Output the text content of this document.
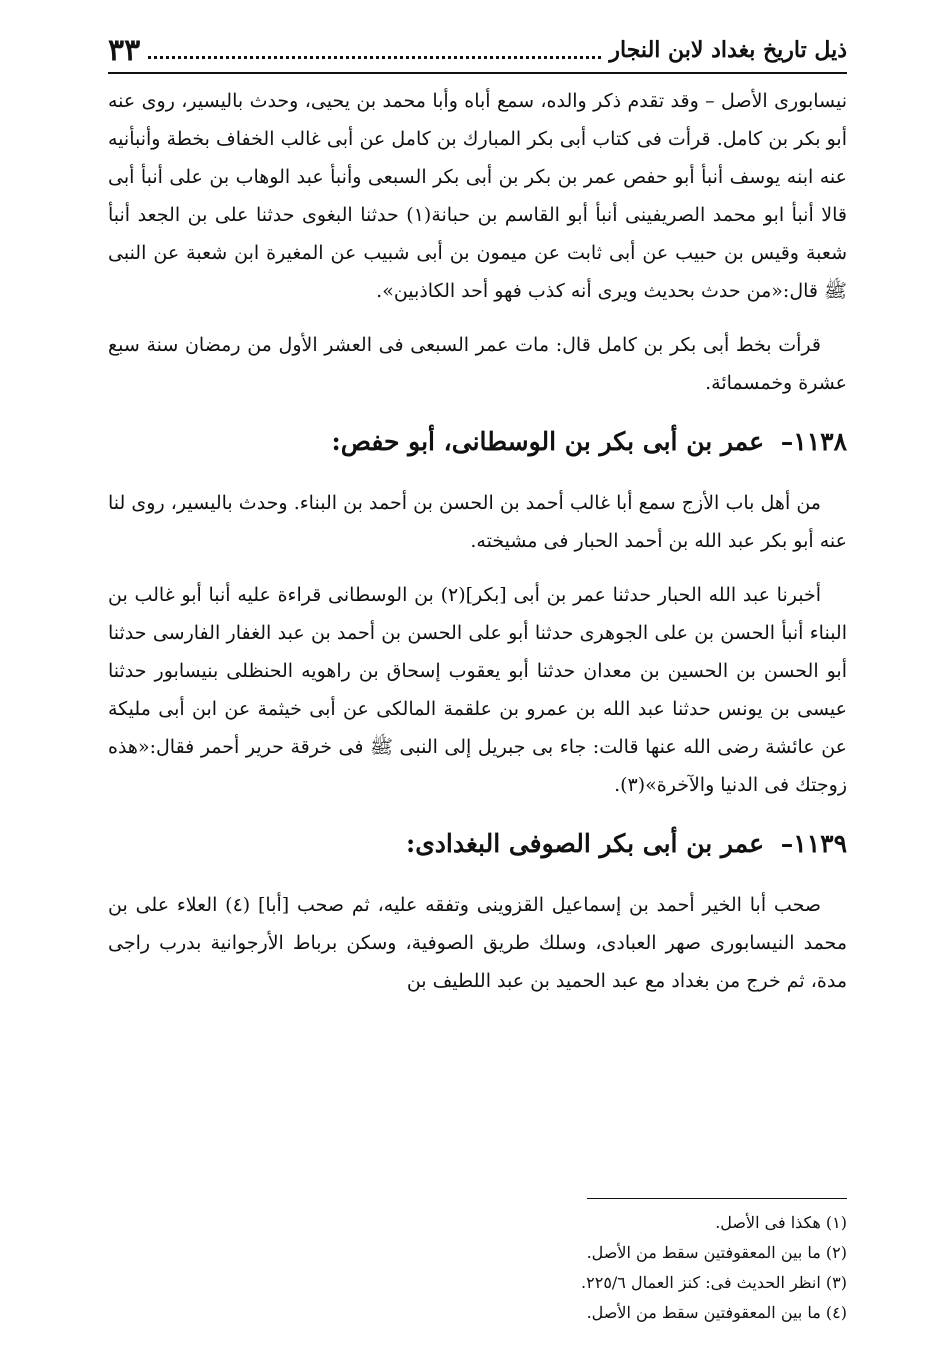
ذيل تاريخ بغداد لابن النجار
٣٣

نيسابورى الأصل – وقد تقدم ذكر والده، سمع أباه وأبا محمد بن يحيى، وحدث باليسير، روى عنه أبو بكر بن كامل. قرأت فى كتاب أبى بكر المبارك بن كامل عن أبى غالب الخفاف بخطة وأنبأنيه عنه ابنه يوسف أنبأ أبو حفص عمر بن بكر بن أبى بكر السبعى وأنبأ عبد الوهاب بن على أنبأ أبى قالا أنبأ ابو محمد الصريفينى أنبأ أبو القاسم بن حبانة(١) حدثنا البغوى حدثنا على بن الجعد أنبأ شعبة وقيس بن حبيب عن أبى ثابت عن ميمون بن أبى شبيب عن المغيرة ابن شعبة عن النبى ﷺ قال:«من حدث بحديث ويرى أنه كذب فهو أحد الكاذبين».

قرأت بخط أبى بكر بن كامل قال: مات عمر السبعى فى العشر الأول من رمضان سنة سبع عشرة وخمسمائة.

١١٣٨– عمر بن أبى بكر بن الوسطانى، أبو حفص:

من أهل باب الأزج سمع أبا غالب أحمد بن الحسن بن أحمد بن البناء. وحدث باليسير، روى لنا عنه أبو بكر عبد الله بن أحمد الحبار فى مشيخته.

أخبرنا عبد الله الحبار حدثنا عمر بن أبى [بكر](٢) بن الوسطانى قراءة عليه أنبا أبو غالب بن البناء أنبأ الحسن بن على الجوهرى حدثنا أبو على الحسن بن أحمد بن عبد الغفار الفارسى حدثنا أبو الحسن بن الحسين بن معدان حدثنا أبو يعقوب إسحاق بن راهويه الحنظلى بنيسابور حدثنا عيسى بن يونس حدثنا عبد الله بن عمرو بن علقمة المالكى عن أبى خيثمة عن ابن أبى مليكة عن عائشة رضى الله عنها قالت: جاء بى جبريل إلى النبى ﷺ فى خرقة حرير أحمر فقال:«هذه زوجتك فى الدنيا والآخرة»(٣).

١١٣٩– عمر بن أبى بكر الصوفى البغدادى:

صحب أبا الخير أحمد بن إسماعيل القزوينى وتفقه عليه، ثم صحب [أبا] (٤) العلاء على بن محمد النيسابورى صهر العبادى، وسلك طريق الصوفية، وسكن برباط الأرجوانية بدرب راجى مدة، ثم خرج من بغداد مع عبد الحميد بن عبد اللطيف بن

(١) هكذا فى الأصل.
(٢) ما بين المعقوفتين سقط من الأصل.
(٣) انظر الحديث فى: كنز العمال ٢٢٥/٦.
(٤) ما بين المعقوفتين سقط من الأصل.
